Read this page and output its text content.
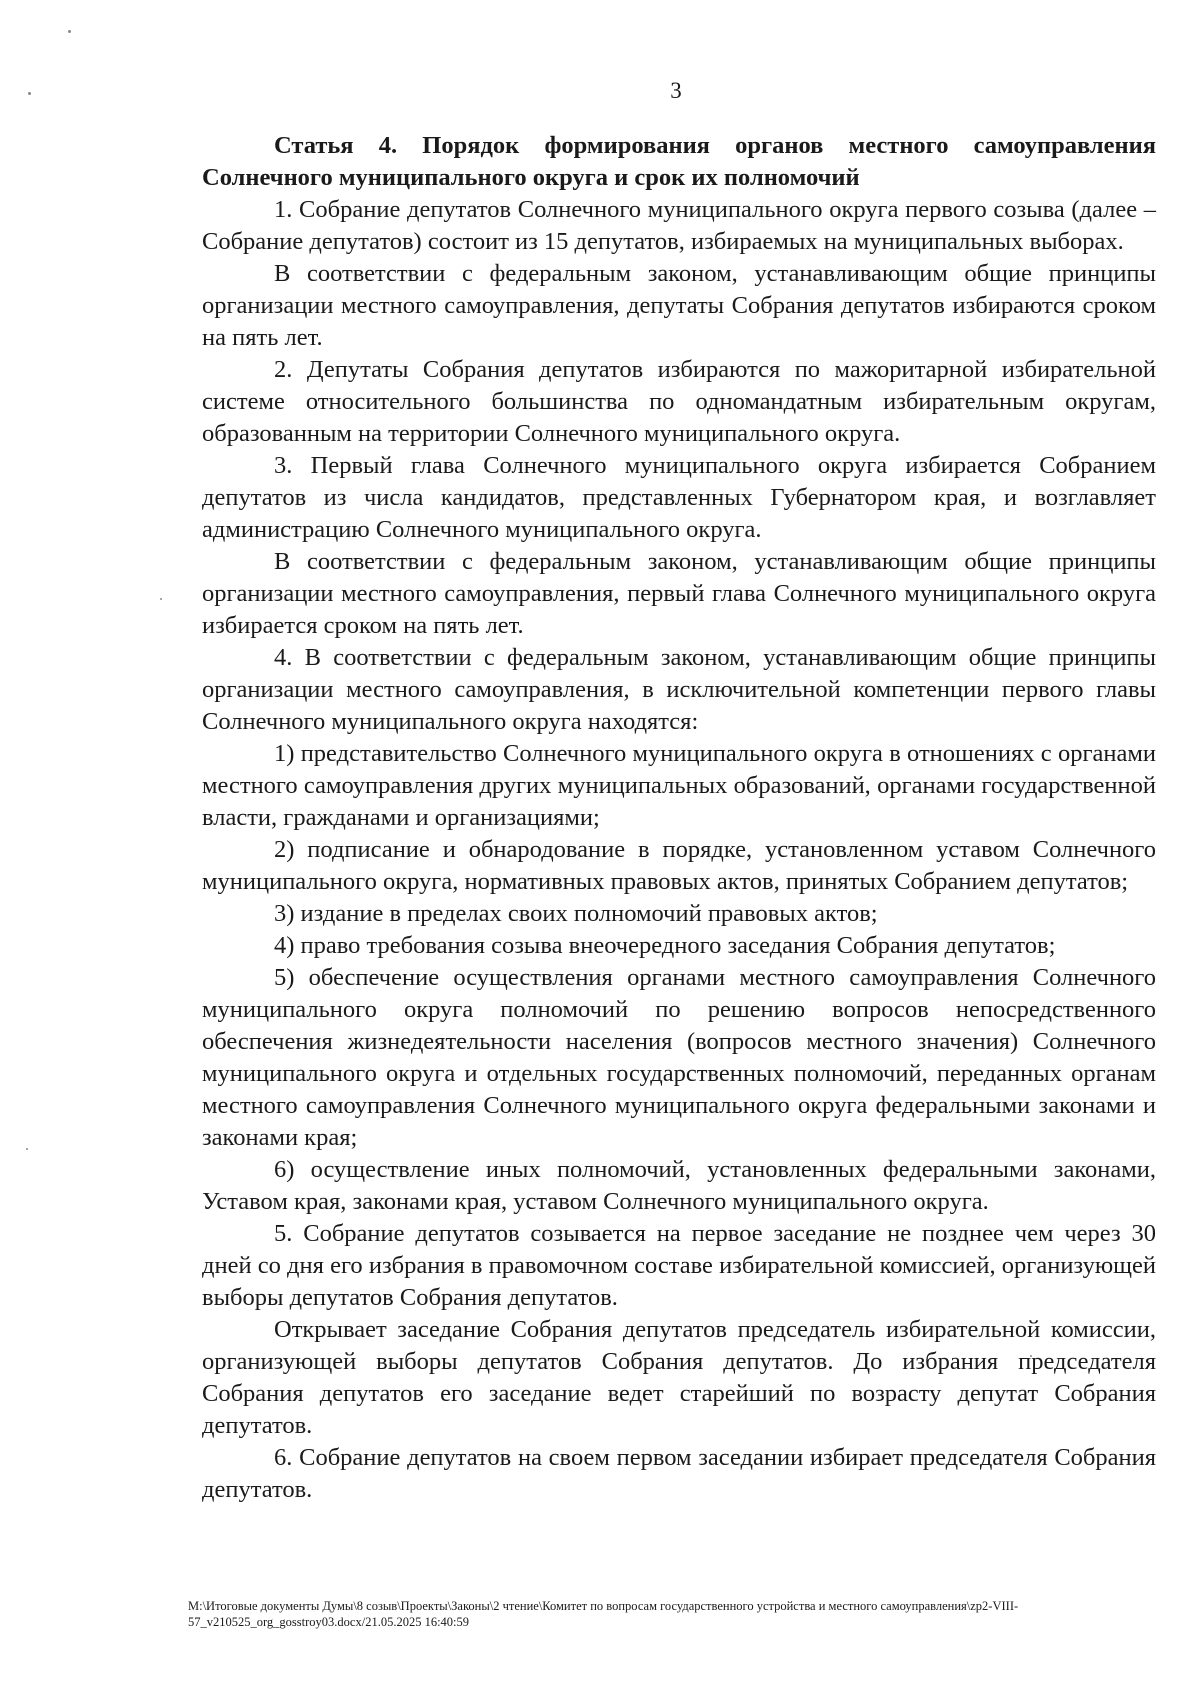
3

Статья 4. Порядок формирования органов местного самоуправления Солнечного муниципального округа и срок их полномочий

1. Собрание депутатов Солнечного муниципального округа первого созыва (далее – Собрание депутатов) состоит из 15 депутатов, избираемых на муниципальных выборах.

В соответствии с федеральным законом, устанавливающим общие принципы организации местного самоуправления, депутаты Собрания депутатов избираются сроком на пять лет.

2. Депутаты Собрания депутатов избираются по мажоритарной избирательной системе относительного большинства по одномандатным избирательным округам, образованным на территории Солнечного муниципального округа.

3. Первый глава Солнечного муниципального округа избирается Собранием депутатов из числа кандидатов, представленных Губернатором края, и возглавляет администрацию Солнечного муниципального округа.

В соответствии с федеральным законом, устанавливающим общие принципы организации местного самоуправления, первый глава Солнечного муниципального округа избирается сроком на пять лет.

4. В соответствии с федеральным законом, устанавливающим общие принципы организации местного самоуправления, в исключительной компетенции первого главы Солнечного муниципального округа находятся:

1) представительство Солнечного муниципального округа в отношениях с органами местного самоуправления других муниципальных образований, органами государственной власти, гражданами и организациями;

2) подписание и обнародование в порядке, установленном уставом Солнечного муниципального округа, нормативных правовых актов, принятых Собранием депутатов;

3) издание в пределах своих полномочий правовых актов;

4) право требования созыва внеочередного заседания Собрания депутатов;

5) обеспечение осуществления органами местного самоуправления Солнечного муниципального округа полномочий по решению вопросов непосредственного обеспечения жизнедеятельности населения (вопросов местного значения) Солнечного муниципального округа и отдельных государственных полномочий, переданных органам местного самоуправления Солнечного муниципального округа федеральными законами и законами края;

6) осуществление иных полномочий, установленных федеральными законами, Уставом края, законами края, уставом Солнечного муниципального округа.

5. Собрание депутатов созывается на первое заседание не позднее чем через 30 дней со дня его избрания в правомочном составе избирательной комиссией, организующей выборы депутатов Собрания депутатов.

Открывает заседание Собрания депутатов председатель избирательной комиссии, организующей выборы депутатов Собрания депутатов. До избрания председателя Собрания депутатов его заседание ведет старейший по возрасту депутат Собрания депутатов.

6. Собрание депутатов на своем первом заседании избирает председателя Собрания депутатов.

M:\Итоговые документы Думы\8 созыв\Проекты\Законы\2 чтение\Комитет по вопросам государственного устройства и местного самоуправления\zp2-VIII-57_v210525_org_gosstroy03.docx/21.05.2025 16:40:59
